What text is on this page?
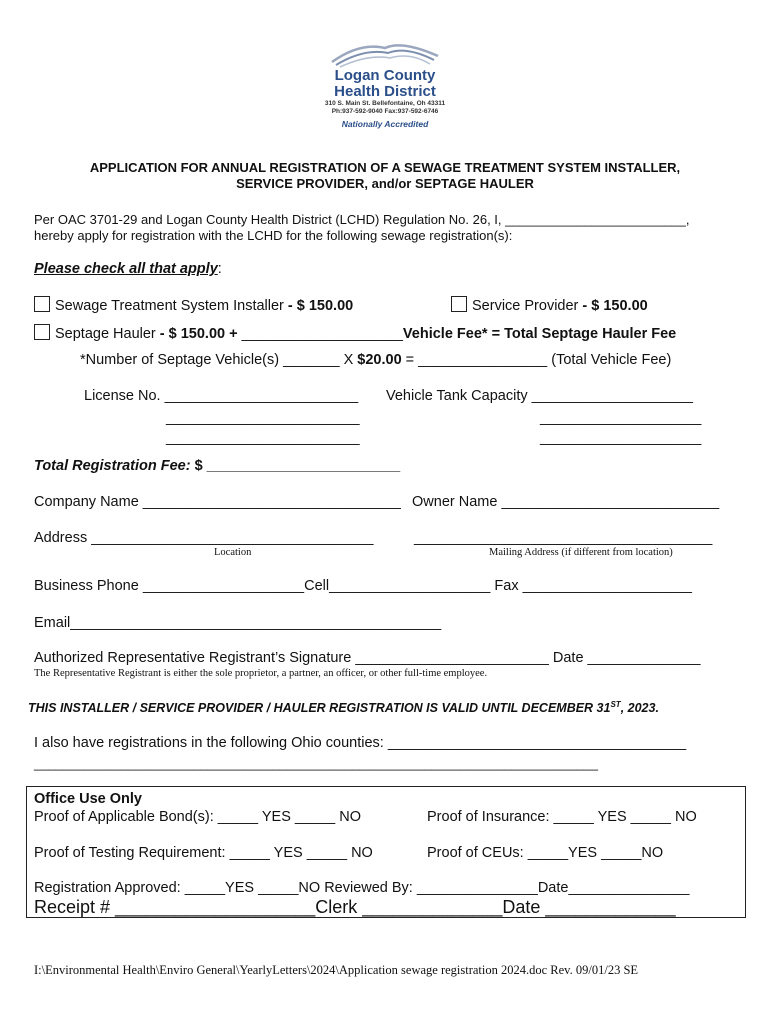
Logan County
Health District
310 S. Main St. Bellefontaine, Oh 43311
Ph:937-592-9040 Fax:937-592-6746
Nationally Accredited
APPLICATION FOR ANNUAL REGISTRATION OF A SEWAGE TREATMENT SYSTEM INSTALLER,
SERVICE PROVIDER, and/or SEPTAGE HAULER
Per OAC 3701-29 and Logan County Health District (LCHD) Regulation No. 26, I, _________________________,
hereby apply for registration with the LCHD for the following sewage registration(s):
Please check all that apply:
Sewage Treatment System Installer - $ 150.00	Service Provider - $ 150.00
Septage Hauler - $ 150.00 + ____________________Vehicle Fee* = Total Septage Hauler Fee
*Number of Septage Vehicle(s) _______ X $20.00 = ________________ (Total Vehicle Fee)
License No. ________________________
________________________
________________________
Vehicle Tank Capacity ____________________
____________________
____________________
Total Registration Fee: $ ________________________
Company Name ________________________________ Owner Name ___________________________
Address ___________________________________	_____________________________________
Location	Mailing Address (if different from location)
Business Phone ____________________Cell____________________ Fax _____________________
Email______________________________________________
Authorized Representative Registrant’s Signature ________________________ Date ______________
The Representative Registrant is either the sole proprietor, a partner, an officer, or other full-time employee.
THIS INSTALLER / SERVICE PROVIDER / HAULER REGISTRATION IS VALID UNTIL DECEMBER 31ST, 2023.
I also have registrations in the following Ohio counties: _____________________________________
______________________________________________________________________________
Office Use Only
Proof of Applicable Bond(s): _____ YES _____ NO	Proof of Insurance: _____ YES _____ NO
Proof of Testing Requirement: _____ YES _____ NO	Proof of CEUs: _____YES _____NO
Registration Approved: _____YES _____NO Reviewed By: _______________Date_______________
Receipt # ____________________Clerk ______________Date _____________
I:\Environmental Health\Enviro General\YearlyLetters\2024\Application sewage registration 2024.doc Rev. 09/01/23 SE
